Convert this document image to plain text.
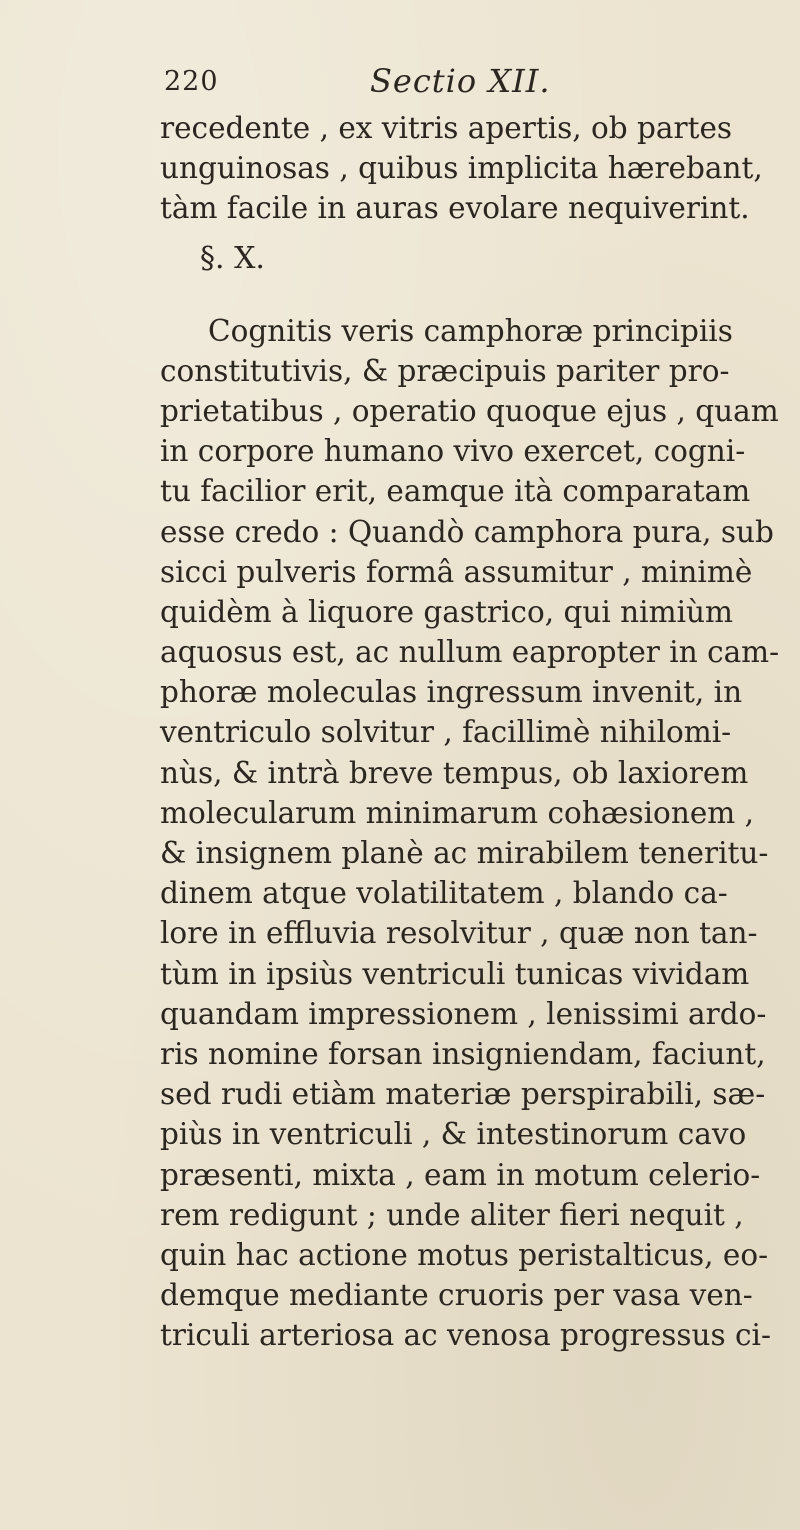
220	Sectio XII.
recedente , ex vitris apertis, ob partes
unguinosas , quibus implicita hærebant,
tàm facile in auras evolare nequiverint.
§. X.
Cognitis veris camphoræ principiis
constitutivis, & præcipuis pariter pro-
prietatibus , operatio quoque ejus , quam
in corpore humano vivo exercet, cogni-
tu facilior erit, eamque ità comparatam
esse credo : Quandò camphora pura, sub
sicci pulveris formâ assumitur , minimè
quidèm à liquore gastrico, qui nimiùm
aquosus est, ac nullum eapropter in cam-
phoræ moleculas ingressum invenit, in
ventriculo solvitur , facillimè nihilomi-
nùs, & intrà breve tempus, ob laxiorem
molecularum minimarum cohæsionem ,
& insignem planè ac mirabilem teneritu-
dinem atque volatilitatem , blando ca-
lore in effluvia resolvitur , quæ non tan-
tùm in ipsiùs ventriculi tunicas vividam
quandam impressionem , lenissimi ardo-
ris nomine forsan insigniendam, faciunt,
sed rudi etiàm materiæ perspirabili, sæ-
piùs in ventriculi , & intestinorum cavo
præsenti, mixta , eam in motum celerio-
rem redigunt ; unde aliter fieri nequit ,
quin hac actione motus peristalticus, eo-
demque mediante cruoris per vasa ven-
triculi arteriosa ac venosa progressus ci-
